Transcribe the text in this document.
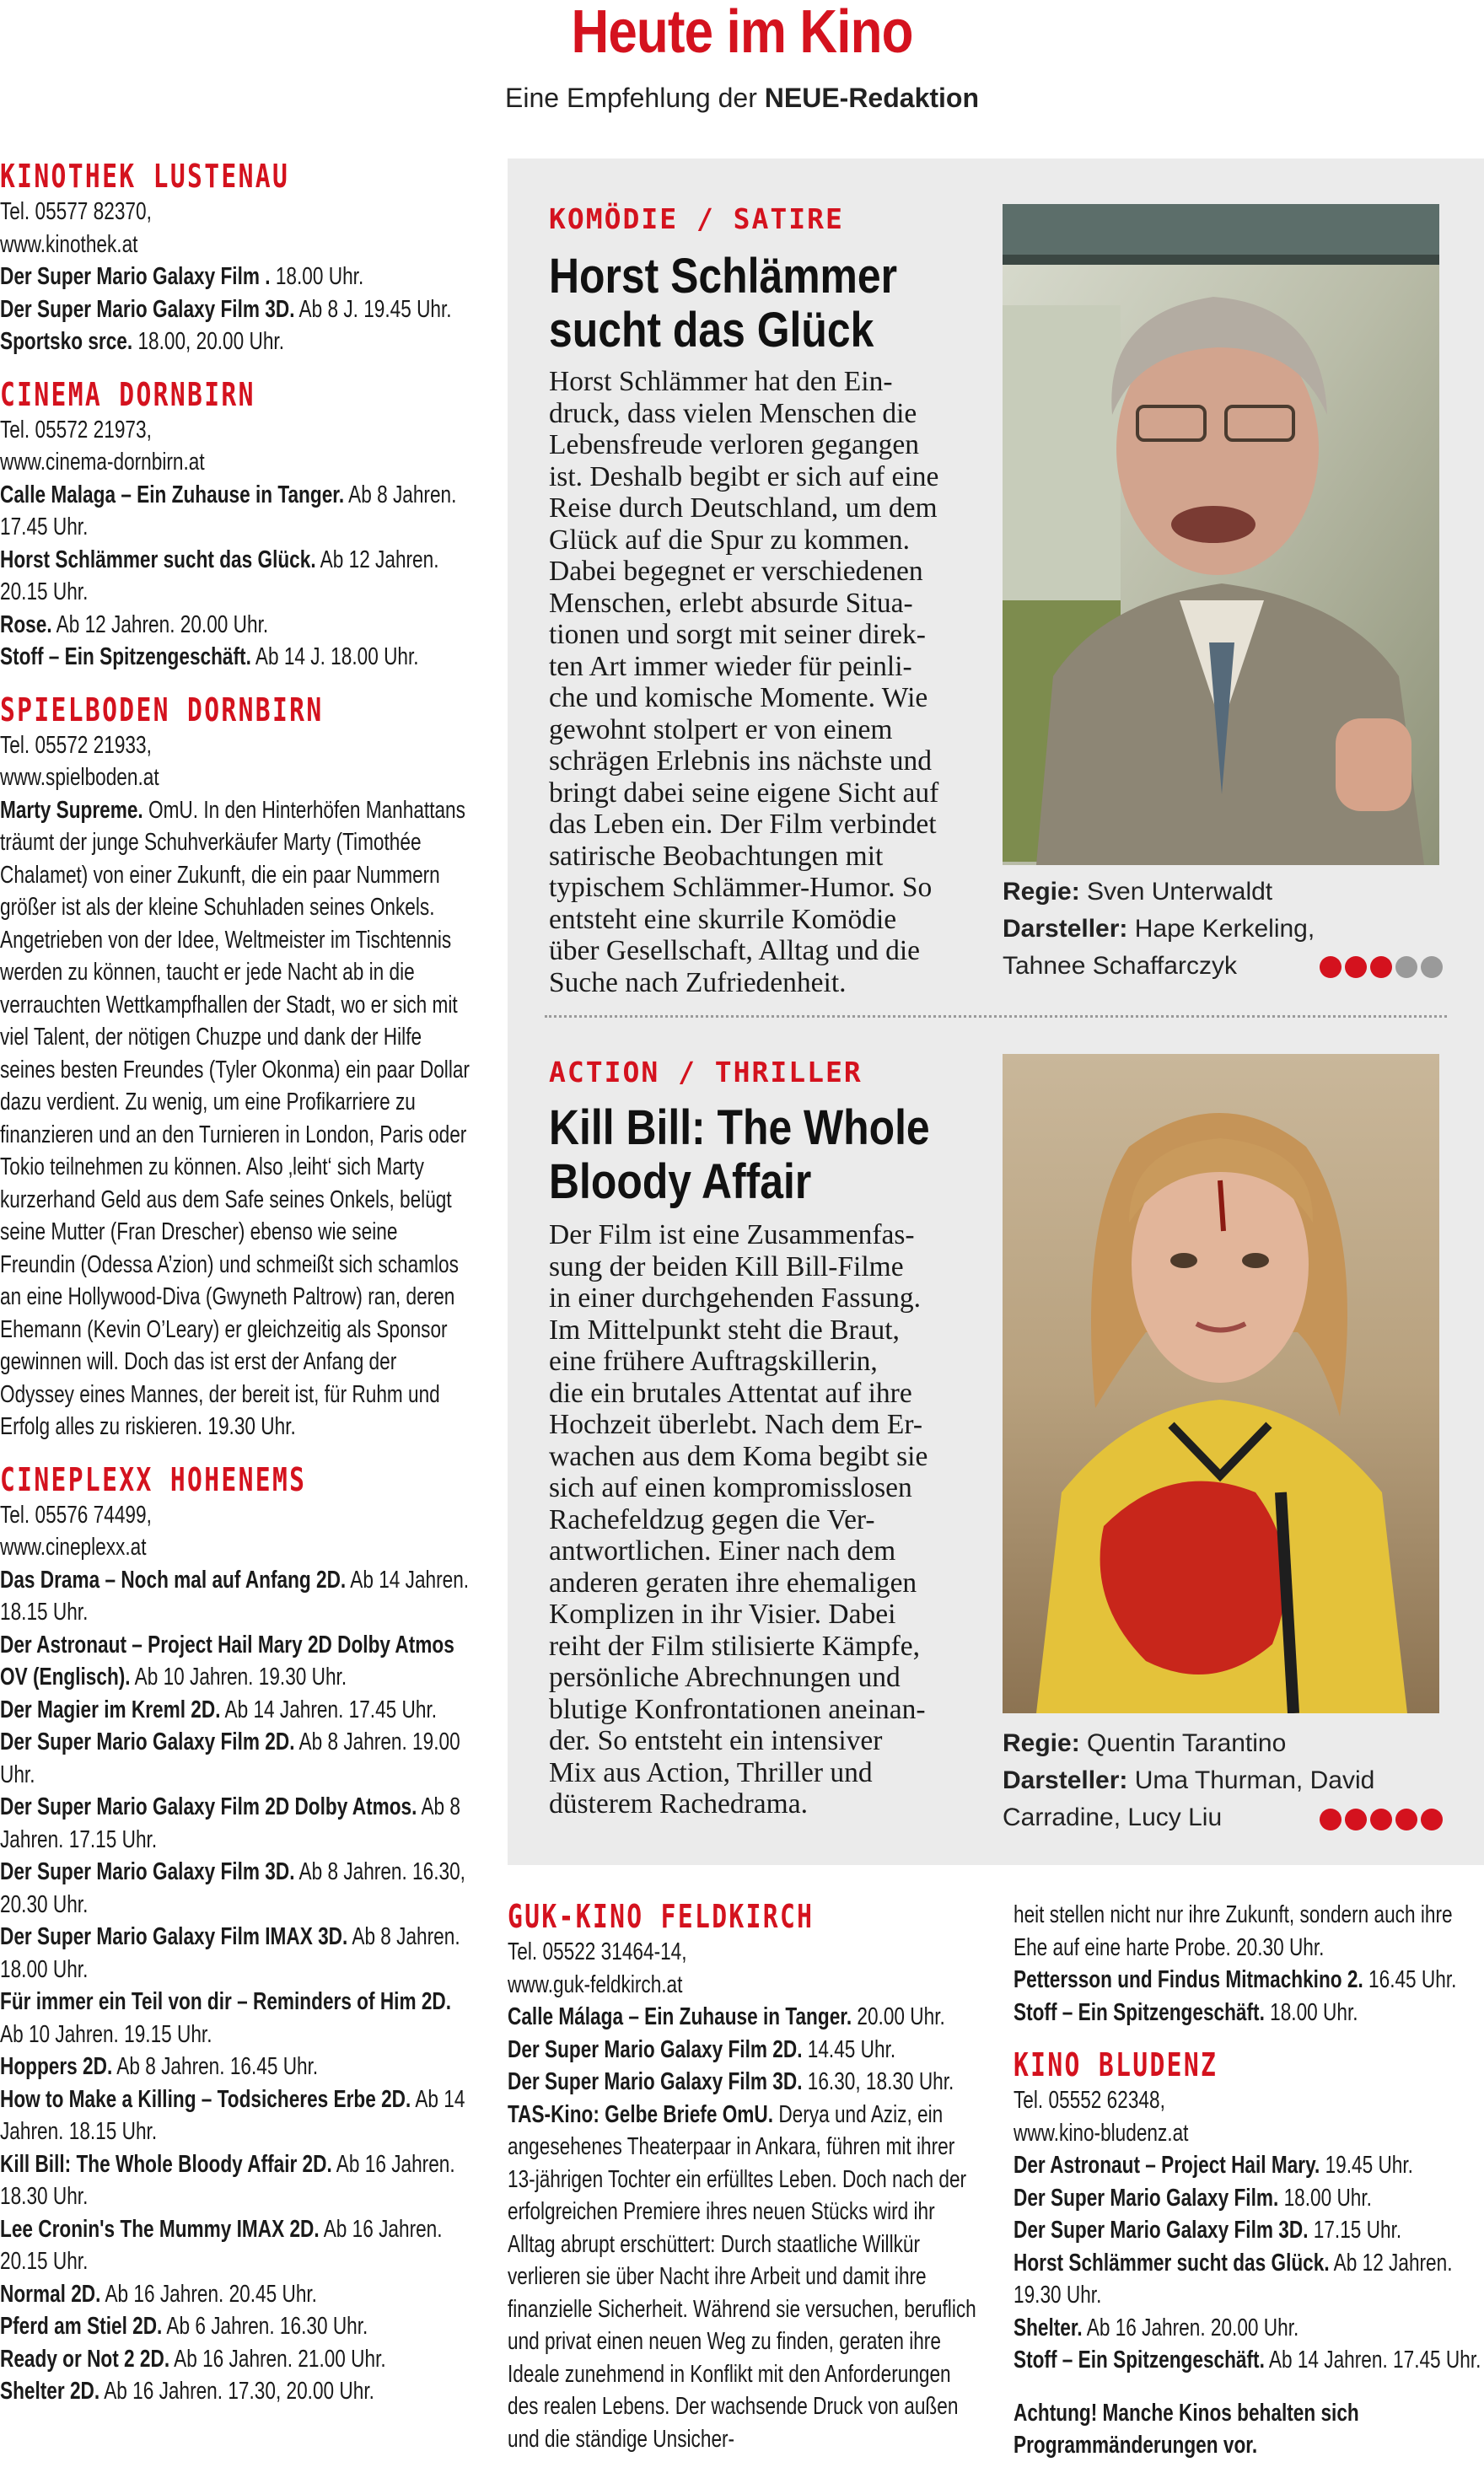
Heute im Kino
Eine Empfehlung der NEUE-Redaktion
KINOTHEK LUSTENAU
Tel. 05577 82370,
www.kinothek.at
Der Super Mario Galaxy Film . 18.00 Uhr.
Der Super Mario Galaxy Film 3D. Ab 8 J. 19.45 Uhr.
Sportsko srce. 18.00, 20.00 Uhr.
CINEMA DORNBIRN
Tel. 05572 21973,
www.cinema-dornbirn.at
Calle Malaga – Ein Zuhause in Tanger. Ab 8 Jahren. 17.45 Uhr.
Horst Schlämmer sucht das Glück. Ab 12 Jahren. 20.15 Uhr.
Rose. Ab 12 Jahren. 20.00 Uhr.
Stoff – Ein Spitzengeschäft. Ab 14 J. 18.00 Uhr.
SPIELBODEN DORNBIRN
Tel. 05572 21933,
www.spielboden.at
Marty Supreme. OmU. In den Hinterhöfen Manhattans träumt der junge Schuhverkäufer Marty (Timothée Chalamet) von einer Zukunft, die ein paar Nummern größer ist als der kleine Schuhladen seines Onkels. Angetrieben von der Idee, Weltmeister im Tischtennis werden zu können, taucht er jede Nacht ab in die verrauchten Wettkampfhallen der Stadt, wo er sich mit viel Talent, der nötigen Chuzpe und dank der Hilfe seines besten Freundes (Tyler Okonma) ein paar Dollar dazu verdient. Zu wenig, um eine Profikarriere zu finanzieren und an den Turnieren in London, Paris oder Tokio teilnehmen zu können. Also ‚leiht‘ sich Marty kurzerhand Geld aus dem Safe seines Onkels, belügt seine Mutter (Fran Drescher) ebenso wie seine Freundin (Odessa A’zion) und schmeißt sich schamlos an eine Hollywood-Diva (Gwyneth Paltrow) ran, deren Ehemann (Kevin O’Leary) er gleichzeitig als Sponsor gewinnen will. Doch das ist erst der Anfang der Odyssey eines Mannes, der bereit ist, für Ruhm und Erfolg alles zu riskieren. 19.30 Uhr.
CINEPLEXX HOHENEMS
Tel. 05576 74499,
www.cineplexx.at
Das Drama – Noch mal auf Anfang 2D. Ab 14 Jahren. 18.15 Uhr.
Der Astronaut – Project Hail Mary 2D Dolby Atmos OV (Englisch). Ab 10 Jahren. 19.30 Uhr.
Der Magier im Kreml 2D. Ab 14 Jahren. 17.45 Uhr.
Der Super Mario Galaxy Film 2D. Ab 8 Jahren. 19.00 Uhr.
Der Super Mario Galaxy Film 2D Dolby Atmos. Ab 8 Jahren. 17.15 Uhr.
Der Super Mario Galaxy Film 3D. Ab 8 Jahren. 16.30, 20.30 Uhr.
Der Super Mario Galaxy Film IMAX 3D. Ab 8 Jahren. 18.00 Uhr.
Für immer ein Teil von dir – Reminders of Him 2D. Ab 10 Jahren. 19.15 Uhr.
Hoppers 2D. Ab 8 Jahren. 16.45 Uhr.
How to Make a Killing – Todsicheres Erbe 2D. Ab 14 Jahren. 18.15 Uhr.
Kill Bill: The Whole Bloody Affair 2D. Ab 16 Jahren. 18.30 Uhr.
Lee Cronin's The Mummy IMAX 2D. Ab 16 Jahren. 20.15 Uhr.
Normal 2D. Ab 16 Jahren. 20.45 Uhr.
Pferd am Stiel 2D. Ab 6 Jahren. 16.30 Uhr.
Ready or Not 2 2D. Ab 16 Jahren. 21.00 Uhr.
Shelter 2D. Ab 16 Jahren. 17.30, 20.00 Uhr.
KOMÖDIE / SATIRE
Horst Schlämmer sucht das Glück
Horst Schlämmer hat den Ein-
druck, dass vielen Menschen die
Lebensfreude verloren gegangen
ist. Deshalb begibt er sich auf eine
Reise durch Deutschland, um dem
Glück auf die Spur zu kommen.
Dabei begegnet er verschiedenen
Menschen, erlebt absurde Situa-
tionen und sorgt mit seiner direk-
ten Art immer wieder für peinli-
che und komische Momente. Wie
gewohnt stolpert er von einem
schrägen Erlebnis ins nächste und
bringt dabei seine eigene Sicht auf
das Leben ein. Der Film verbindet
satirische Beobachtungen mit
typischem Schlämmer-Humor. So
entsteht eine skurrile Komödie
über Gesellschaft, Alltag und die
Suche nach Zufriedenheit.
Regie: Sven Unterwaldt
Darsteller: Hape Kerkeling,
Tahnee Schaffarczyk
ACTION / THRILLER
Kill Bill: The Whole Bloody Affair
Der Film ist eine Zusammenfas-
sung der beiden Kill Bill-Filme
in einer durchgehenden Fassung.
Im Mittelpunkt steht die Braut,
eine frühere Auftragskillerin,
die ein brutales Attentat auf ihre
Hochzeit überlebt. Nach dem Er-
wachen aus dem Koma begibt sie
sich auf einen kompromisslosen
Rachefeldzug gegen die Ver-
antwortlichen. Einer nach dem
anderen geraten ihre ehemaligen
Komplizen in ihr Visier. Dabei
reiht der Film stilisierte Kämpfe,
persönliche Abrechnungen und
blutige Konfrontationen aneinan-
der. So entsteht ein intensiver
Mix aus Action, Thriller und
düsterem Rachedrama.
Regie: Quentin Tarantino
Darsteller: Uma Thurman, David
Carradine, Lucy Liu
GUK-KINO FELDKIRCH
Tel. 05522 31464-14,
www.guk-feldkirch.at
Calle Málaga – Ein Zuhause in Tanger. 20.00 Uhr.
Der Super Mario Galaxy Film 2D. 14.45 Uhr.
Der Super Mario Galaxy Film 3D. 16.30, 18.30 Uhr.
TAS-Kino: Gelbe Briefe OmU. Derya und Aziz, ein angesehenes Theaterpaar in Ankara, führen mit ihrer 13-jährigen Tochter ein erfülltes Leben. Doch nach der erfolgreichen Premiere ihres neuen Stücks wird ihr Alltag abrupt erschüttert: Durch staatliche Willkür verlieren sie über Nacht ihre Arbeit und damit ihre finanzielle Sicherheit. Während sie versuchen, beruflich und privat einen neuen Weg zu finden, geraten ihre Ideale zunehmend in Konflikt mit den Anforderungen des realen Lebens. Der wachsende Druck von außen und die ständige Unsicher-
heit stellen nicht nur ihre Zukunft, sondern auch ihre Ehe auf eine harte Probe. 20.30 Uhr.
Pettersson und Findus Mitmachkino 2. 16.45 Uhr.
Stoff – Ein Spitzengeschäft. 18.00 Uhr.
KINO BLUDENZ
Tel. 05552 62348,
www.kino-bludenz.at
Der Astronaut – Project Hail Mary. 19.45 Uhr.
Der Super Mario Galaxy Film. 18.00 Uhr.
Der Super Mario Galaxy Film 3D. 17.15 Uhr.
Horst Schlämmer sucht das Glück. Ab 12 Jahren. 19.30 Uhr.
Shelter. Ab 16 Jahren. 20.00 Uhr.
Stoff – Ein Spitzengeschäft. Ab 14 Jahren. 17.45 Uhr.
Achtung! Manche Kinos behalten sich Programmänderungen vor.
